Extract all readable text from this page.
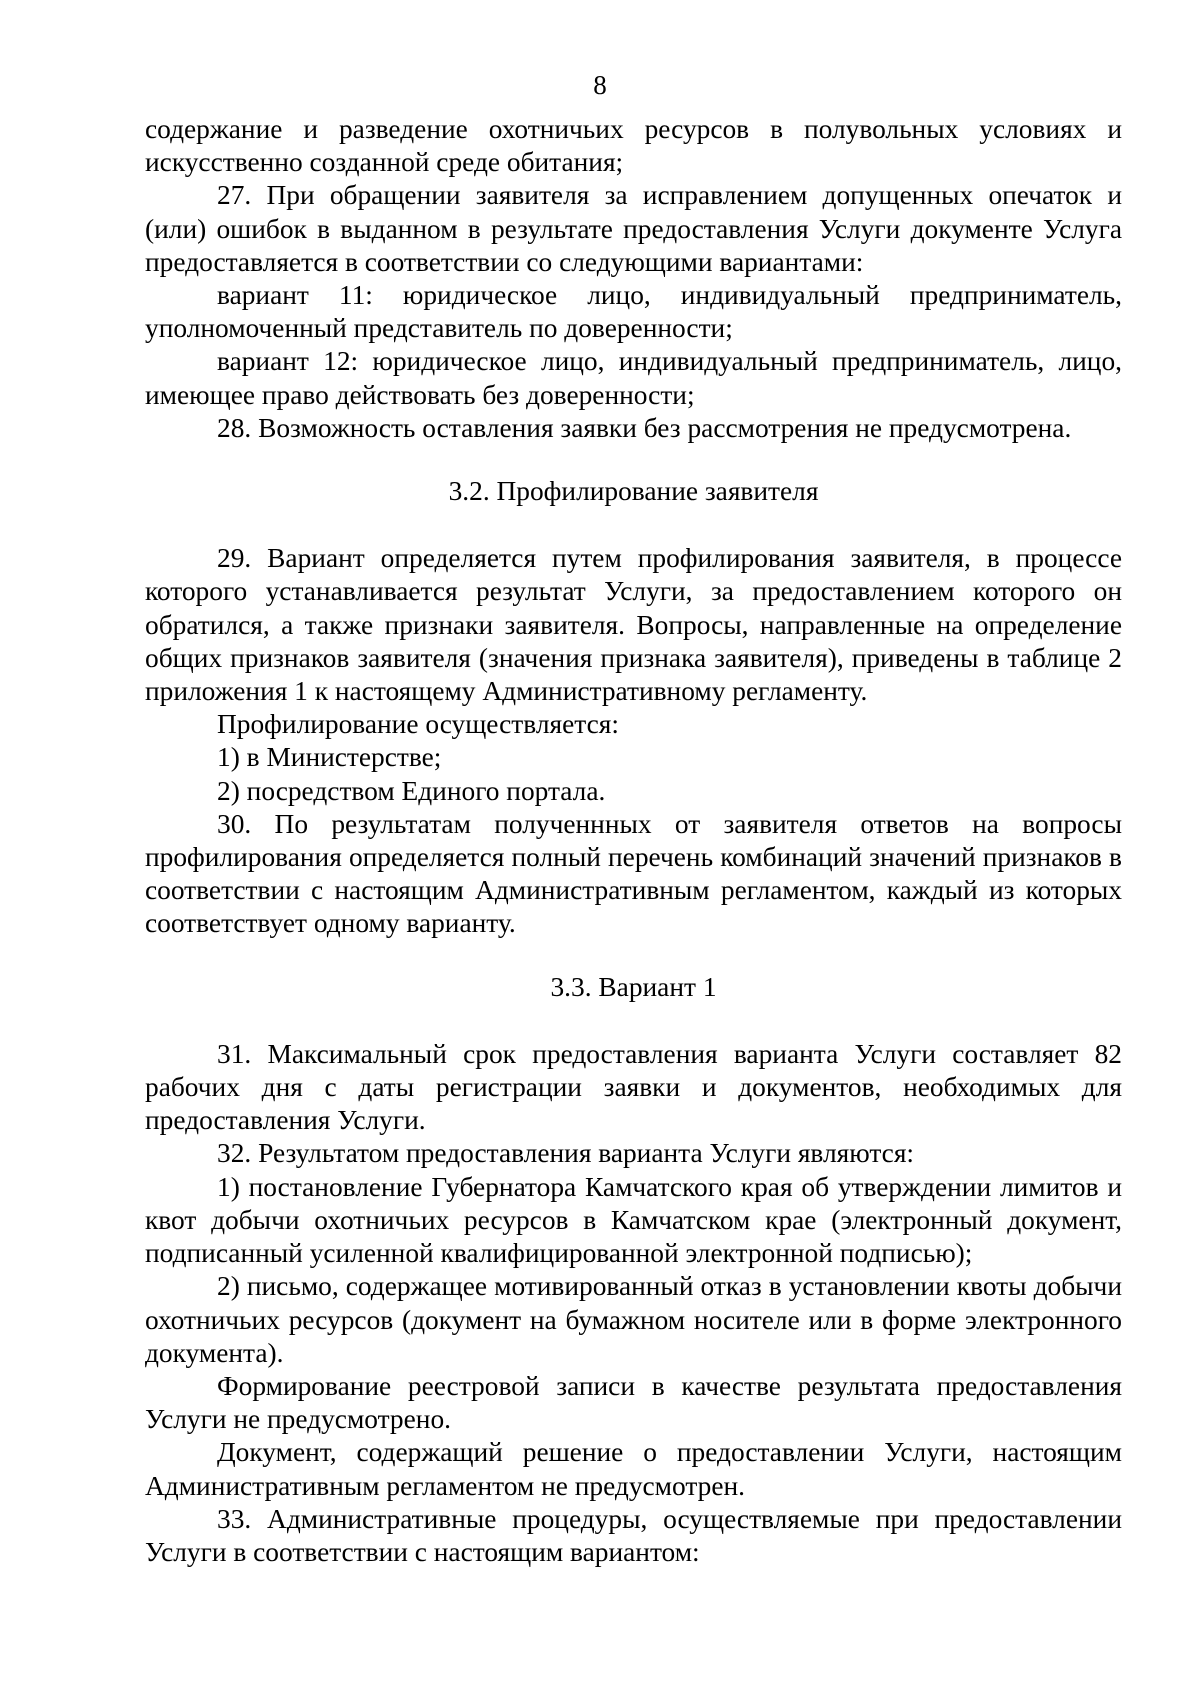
8

содержание и разведение охотничьих ресурсов в полувольных условиях и искусственно созданной среде обитания;

27. При обращении заявителя за исправлением допущенных опечаток и (или) ошибок в выданном в результате предоставления Услуги документе Услуга предоставляется в соответствии со следующими вариантами:

вариант 11: юридическое лицо, индивидуальный предприниматель, уполномоченный представитель по доверенности;

вариант 12: юридическое лицо, индивидуальный предприниматель, лицо, имеющее право действовать без доверенности;

28. Возможность оставления заявки без рассмотрения не предусмотрена.

3.2. Профилирование заявителя

29. Вариант определяется путем профилирования заявителя, в процессе которого устанавливается результат Услуги, за предоставлением которого он обратился, а также признаки заявителя. Вопросы, направленные на определение общих признаков заявителя (значения признака заявителя), приведены в таблице 2 приложения 1 к настоящему Административному регламенту.

Профилирование осуществляется:

1) в Министерстве;

2) посредством Единого портала.

30. По результатам полученнных от заявителя ответов на вопросы профилирования определяется полный перечень комбинаций значений признаков в соответствии с настоящим Административным регламентом, каждый из которых соответствует одному варианту.

3.3. Вариант 1

31. Максимальный срок предоставления варианта Услуги составляет 82 рабочих дня с даты регистрации заявки и документов, необходимых для предоставления Услуги.

32. Результатом предоставления варианта Услуги являются:

1) постановление Губернатора Камчатского края об утверждении лимитов и квот добычи охотничьих ресурсов в Камчатском крае (электронный документ, подписанный усиленной квалифицированной электронной подписью);

2) письмо, содержащее мотивированный отказ в установлении квоты добычи охотничьих ресурсов (документ на бумажном носителе или в форме электронного документа).

Формирование реестровой записи в качестве результата предоставления Услуги не предусмотрено.

Документ, содержащий решение о предоставлении Услуги, настоящим Административным регламентом не предусмотрен.

33. Административные процедуры, осуществляемые при предоставлении Услуги в соответствии с настоящим вариантом:
